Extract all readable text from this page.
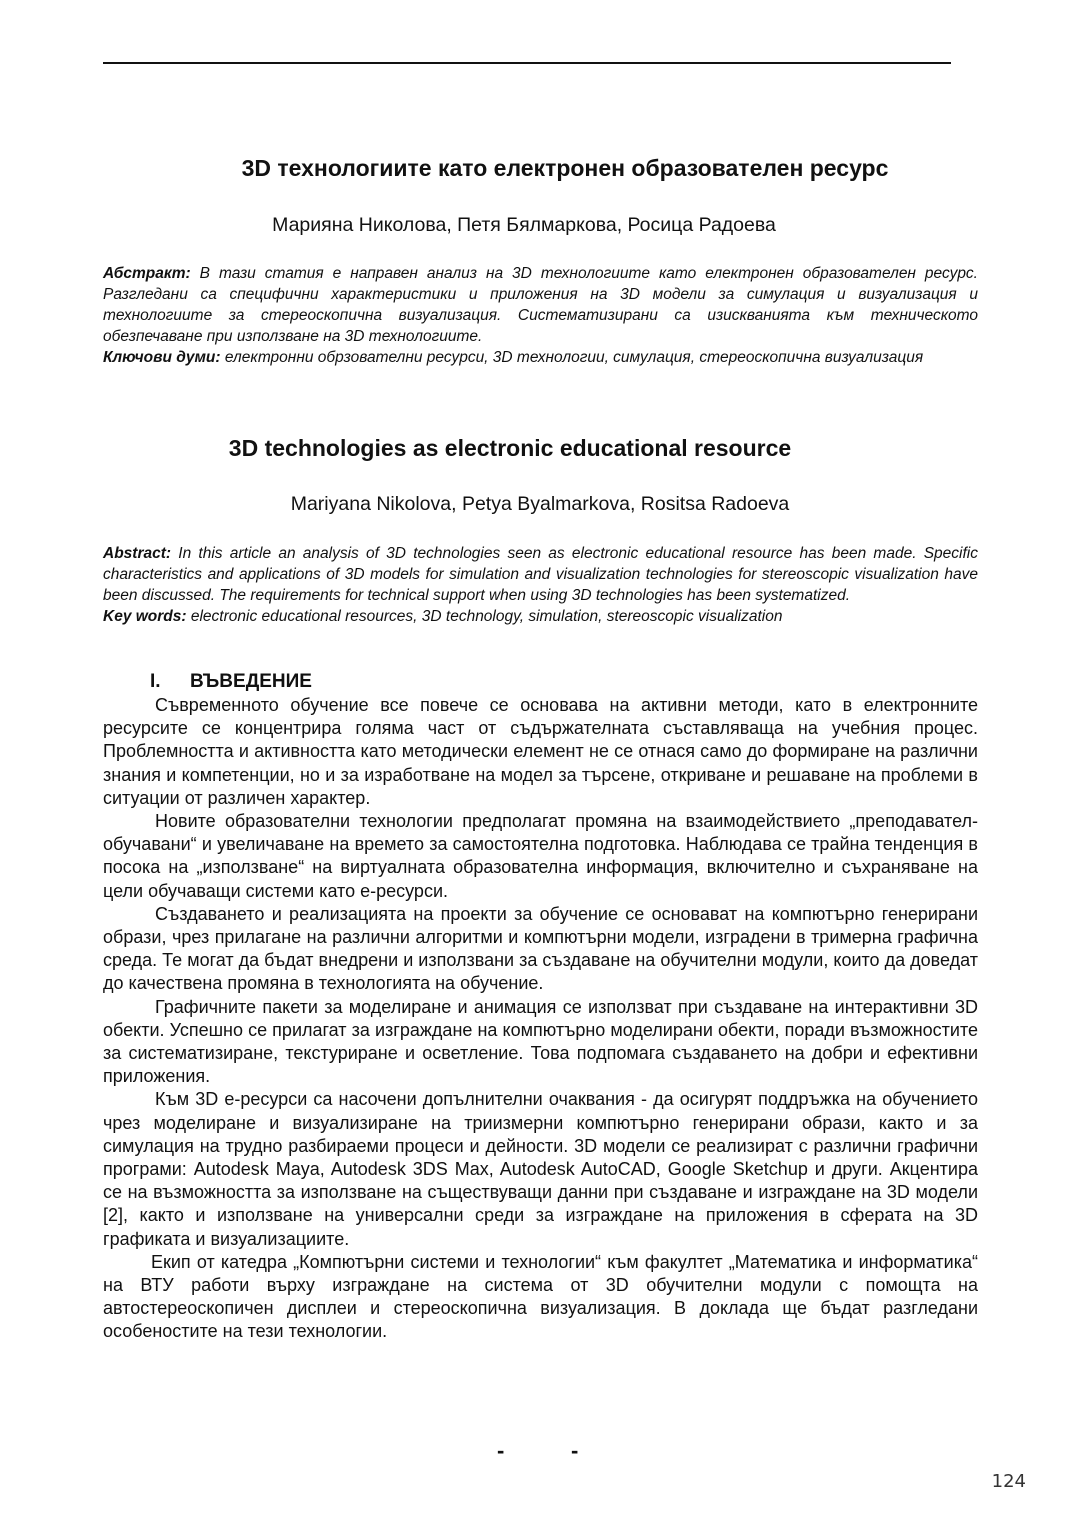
3D технологиите като електронен образователен ресурс
Марияна Николова, Петя Бялмаркова, Росица Радоева
Абстракт: В тази статия е направен анализ на 3D технологиите като електронен образователен ресурс. Разгледани са специфични характеристики и приложения на 3D модели за симулация и визуализация и технологиите за стереоскопична визуализация. Систематизирани са изискванията към техническото обезпечаване при използване на 3D технологиите.
Ключови думи: електронни обрзователни ресурси, 3D технологии, симулация, стереоскопична визуализация
3D technologies as electronic educational resource
Mariyana Nikolova, Petya Byalmarkova, Rositsa Radoeva
Abstract: In this article an analysis of 3D technologies seen as electronic educational resource has been made. Specific characteristics and applications of 3D models for simulation and visualization technologies for stereoscopic visualization have been discussed. The requirements for technical support when using 3D technologies has been systematized.
Key words: electronic educational resources, 3D technology, simulation, stereoscopic visualization
I. ВЪВЕДЕНИЕ

Съвременното обучение все повече се основава на активни методи, като в електронните ресурсите се концентрира голяма част от съдържателната съставляваща на учебния процес. Проблемността и активността като методически елемент не се отнася само до формиране на различни знания и компетенции, но и за изработване на модел за търсене, откриване и решаване на проблеми в ситуации от различен характер.

Новите образователни технологии предполагат промяна на взаимодействието „преподавател-обучавани“ и увеличаване на времето за самостоятелна подготовка. Наблюдава се трайна тенденция в посока на „използване“ на виртуалната образователна информация, включително и съхраняване на цели обучаващи системи като е-ресурси.

Създаването и реализацията на проекти за обучение се основават на компютърно генерирани образи, чрез прилагане на различни алгоритми и компютърни модели, изградени в тримерна графична среда. Те могат да бъдат внедрени и използвани за създаване на обучителни модули, които да доведат до качествена промяна в технологията на обучение.

Графичните пакети за моделиране и анимация се използват при създаване на интерактивни 3D обекти. Успешно се прилагат за изграждане на компютърно моделирани обекти, поради възможностите за систематизиране, текстуриране и осветление. Това подпомага създаването на добри и ефективни приложения.

Към 3D е-ресурси са насочени допълнителни очаквания - да осигурят поддръжка на обучението чрез моделиране и визуализиране на триизмерни компютърно генерирани образи, както и за симулация на трудно разбираеми процеси и дейности. 3D модели се реализират с различни графични програми: Autodesk Maya, Autodesk 3DS Max, Autodesk AutoCAD, Google Sketchup и други. Акцентира се на възможността за използване на съществуващи данни при създаване и изграждане на 3D модели [2], както и използване на универсални среди за изграждане на приложения в сферата на 3D графиката и визуализациите.

Екип от катедра „Компютърни системи и технологии“ към факултет „Математика и информатика“ на ВТУ работи върху изграждане на система от 3D обучителни модули с помощта на автостереоскопичен дисплеи и стереоскопична визуализация. В доклада ще бъдат разгледани особеностите на тези технологии.

-	-
124
